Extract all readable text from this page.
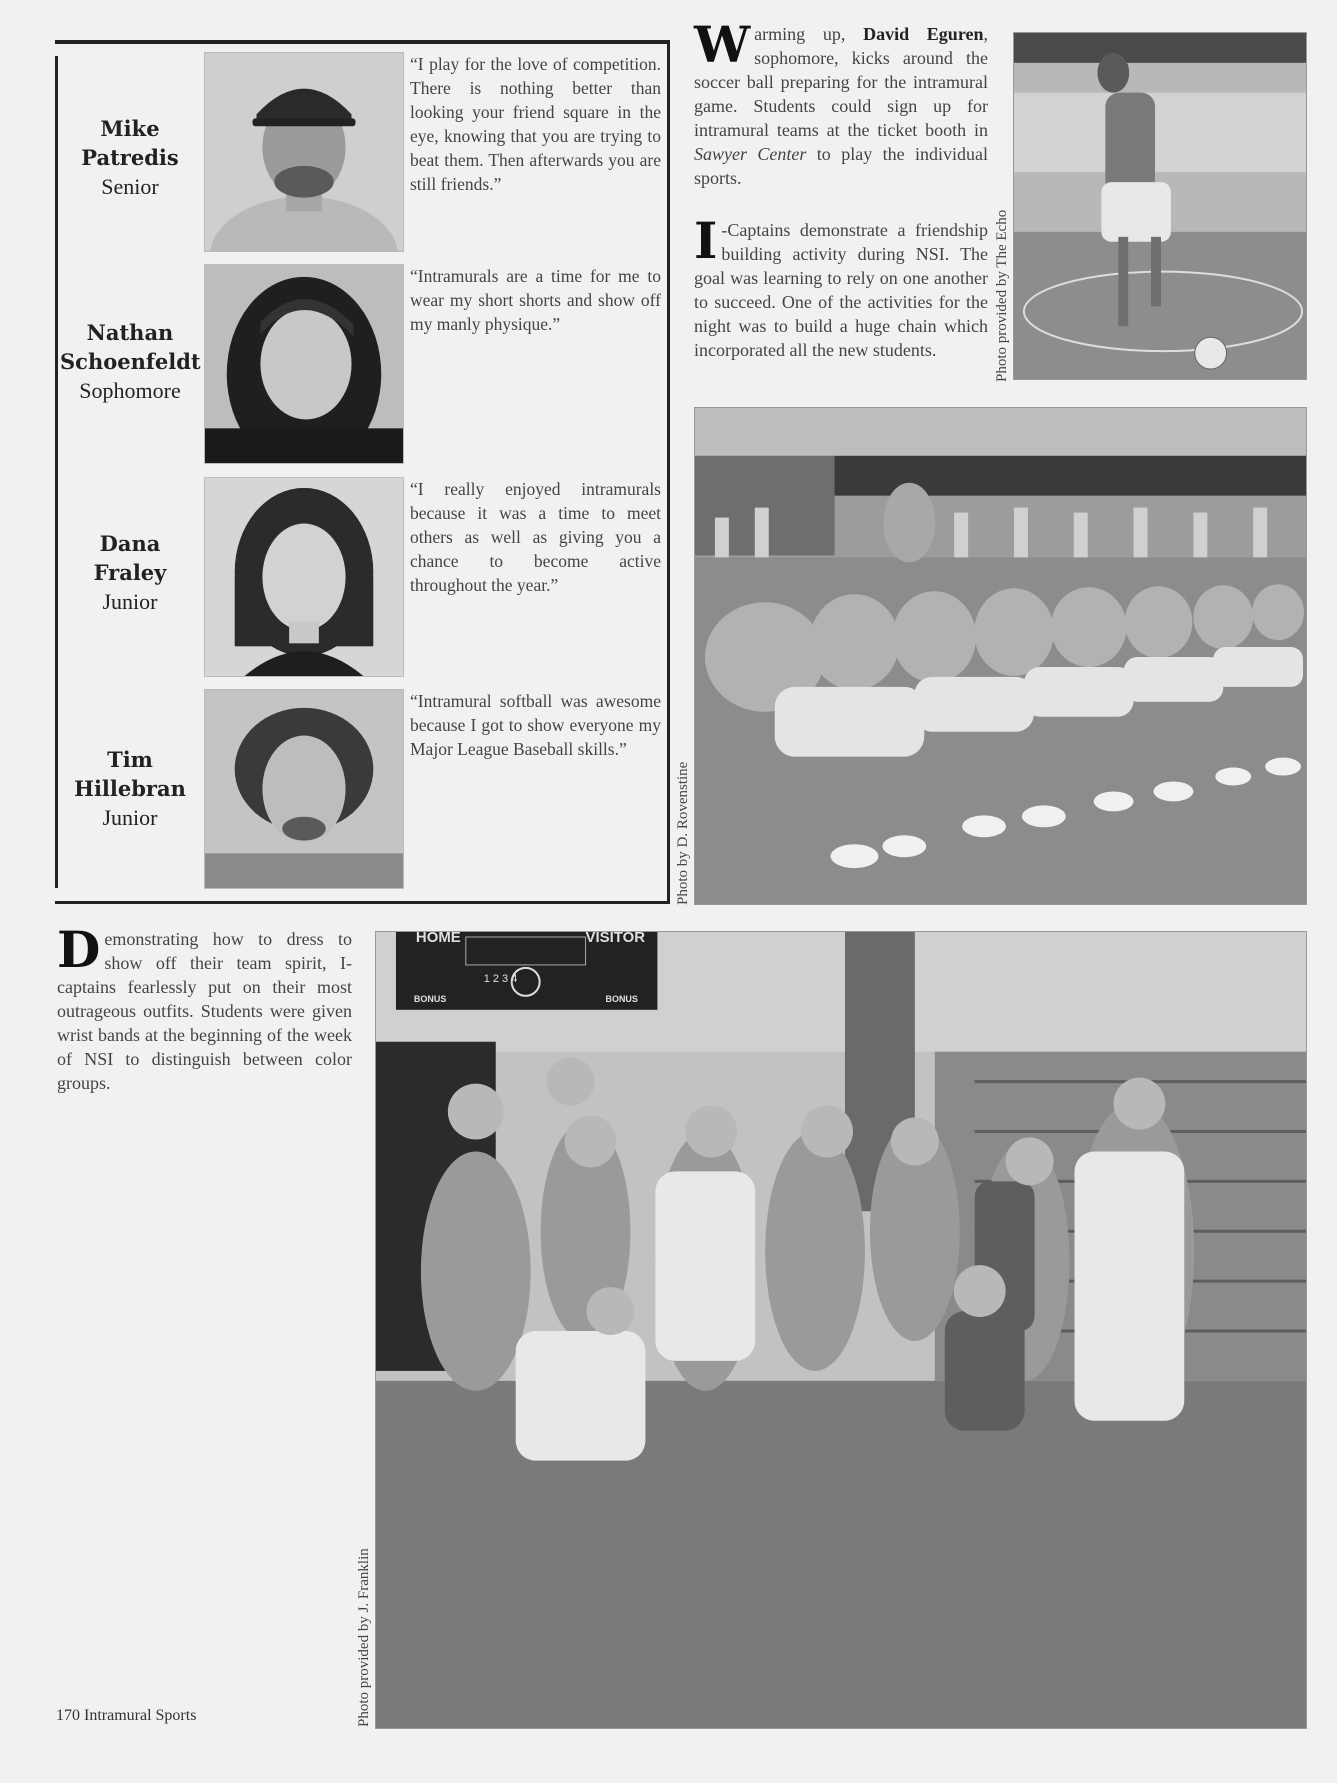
Mike
Patredis
Senior
“I play for the love of competition. There is nothing better than looking your friend square in the eye, knowing that you are trying to beat them. Then afterwards you are still friends.”
Nathan
Schoenfeldt
Sophomore
“Intramurals are a time for me to wear my short shorts and show off my manly physique.”
Dana
Fraley
Junior
“I really enjoyed intramurals because it was a time to meet others as well as giving you a chance to become active throughout the year.”
Tim
Hillebran
Junior
“Intramural softball was awesome because I got to show everyone my Major League Baseball skills.”
Warming up, David Eguren, sophomore, kicks around the soccer ball preparing for the intramural game. Students could sign up for intramural teams at the ticket booth in Sawyer Center to play the individual sports.
I -Captains demonstrate a friendship building activity during NSI. The goal was learning to rely on one another to succeed. One of the activities for the night was to build a huge chain which incorporated all the new students.	Photo provided by The Echo
Photo by D. Rovenstine
Demonstrating how to dress to show off their team spirit, I-captains fearlessly put on their most outrageous outfits. Students were given wrist bands at the beginning of the week of NSI to distinguish between color groups.
HOME	VISITOR
1 2 3 4
BONUS	BONUS
Photo provided by J. Franklin
170 Intramural Sports
